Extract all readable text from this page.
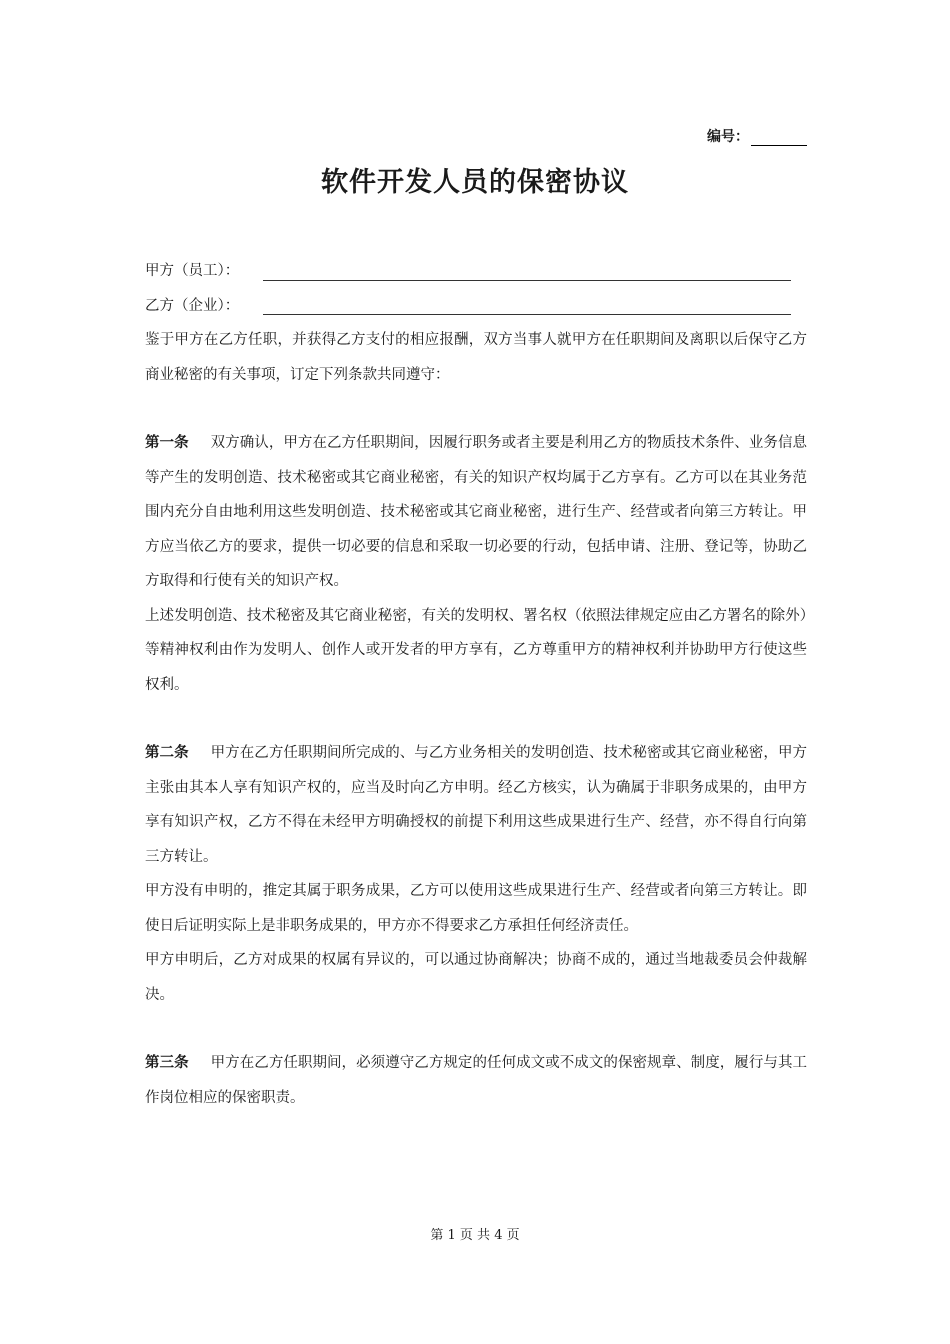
编号：
软件开发人员的保密协议
甲方（员工）：
乙方（企业）：

鉴于甲方在乙方任职，并获得乙方支付的相应报酬，双方当事人就甲方在任职期间及离职以后保守乙方商业秘密的有关事项，订定下列条款共同遵守：

第一条 双方确认，甲方在乙方任职期间，因履行职务或者主要是利用乙方的物质技术条件、业务信息等产生的发明创造、技术秘密或其它商业秘密，有关的知识产权均属于乙方享有。乙方可以在其业务范围内充分自由地利用这些发明创造、技术秘密或其它商业秘密，进行生产、经营或者向第三方转让。甲方应当依乙方的要求，提供一切必要的信息和采取一切必要的行动，包括申请、注册、登记等，协助乙方取得和行使有关的知识产权。

上述发明创造、技术秘密及其它商业秘密，有关的发明权、署名权（依照法律规定应由乙方署名的除外）等精神权利由作为发明人、创作人或开发者的甲方享有，乙方尊重甲方的精神权利并协助甲方行使这些权利。

第二条 甲方在乙方任职期间所完成的、与乙方业务相关的发明创造、技术秘密或其它商业秘密，甲方主张由其本人享有知识产权的，应当及时向乙方申明。经乙方核实，认为确属于非职务成果的，由甲方享有知识产权，乙方不得在未经甲方明确授权的前提下利用这些成果进行生产、经营，亦不得自行向第三方转让。

甲方没有申明的，推定其属于职务成果，乙方可以使用这些成果进行生产、经营或者向第三方转让。即使日后证明实际上是非职务成果的，甲方亦不得要求乙方承担任何经济责任。

甲方申明后，乙方对成果的权属有异议的，可以通过协商解决；协商不成的，通过当地裁委员会仲裁解决。

第三条 甲方在乙方任职期间，必须遵守乙方规定的任何成文或不成文的保密规章、制度，履行与其工作岗位相应的保密职责。

第 1 页 共 4 页
